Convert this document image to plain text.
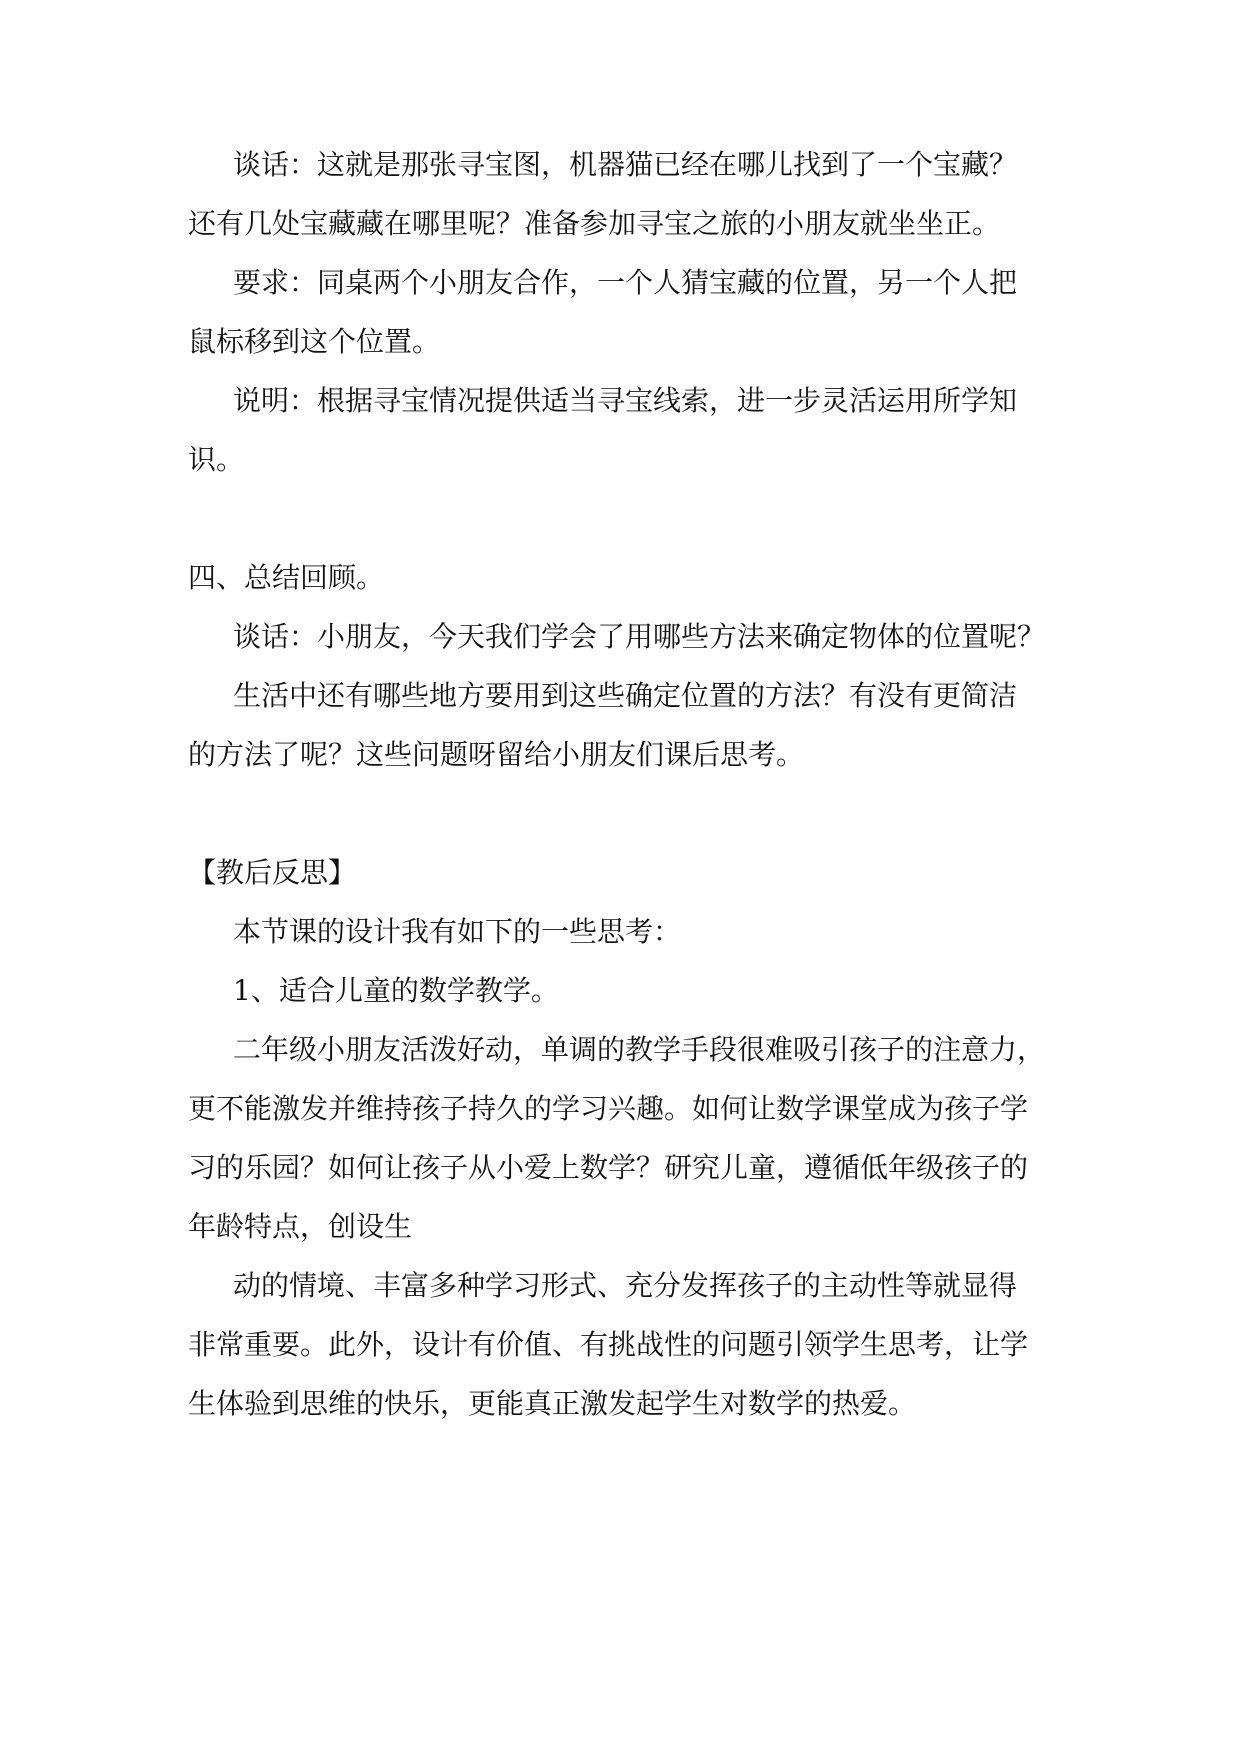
谈话：这就是那张寻宝图，机器猫已经在哪儿找到了一个宝藏？
还有几处宝藏藏在哪里呢？准备参加寻宝之旅的小朋友就坐坐正。
要求：同桌两个小朋友合作，一个人猜宝藏的位置，另一个人把
鼠标移到这个位置。
说明：根据寻宝情况提供适当寻宝线索，进一步灵活运用所学知
识。
四、总结回顾。
谈话：小朋友，今天我们学会了用哪些方法来确定物体的位置呢？
生活中还有哪些地方要用到这些确定位置的方法？有没有更简洁
的方法了呢？这些问题呀留给小朋友们课后思考。
【教后反思】
本节课的设计我有如下的一些思考：
1、适合儿童的数学教学。
二年级小朋友活泼好动，单调的教学手段很难吸引孩子的注意力，
更不能激发并维持孩子持久的学习兴趣。如何让数学课堂成为孩子学
习的乐园？如何让孩子从小爱上数学？研究儿童，遵循低年级孩子的
年龄特点，创设生
动的情境、丰富多种学习形式、充分发挥孩子的主动性等就显得
非常重要。此外，设计有价值、有挑战性的问题引领学生思考，让学
生体验到思维的快乐，更能真正激发起学生对数学的热爱。
